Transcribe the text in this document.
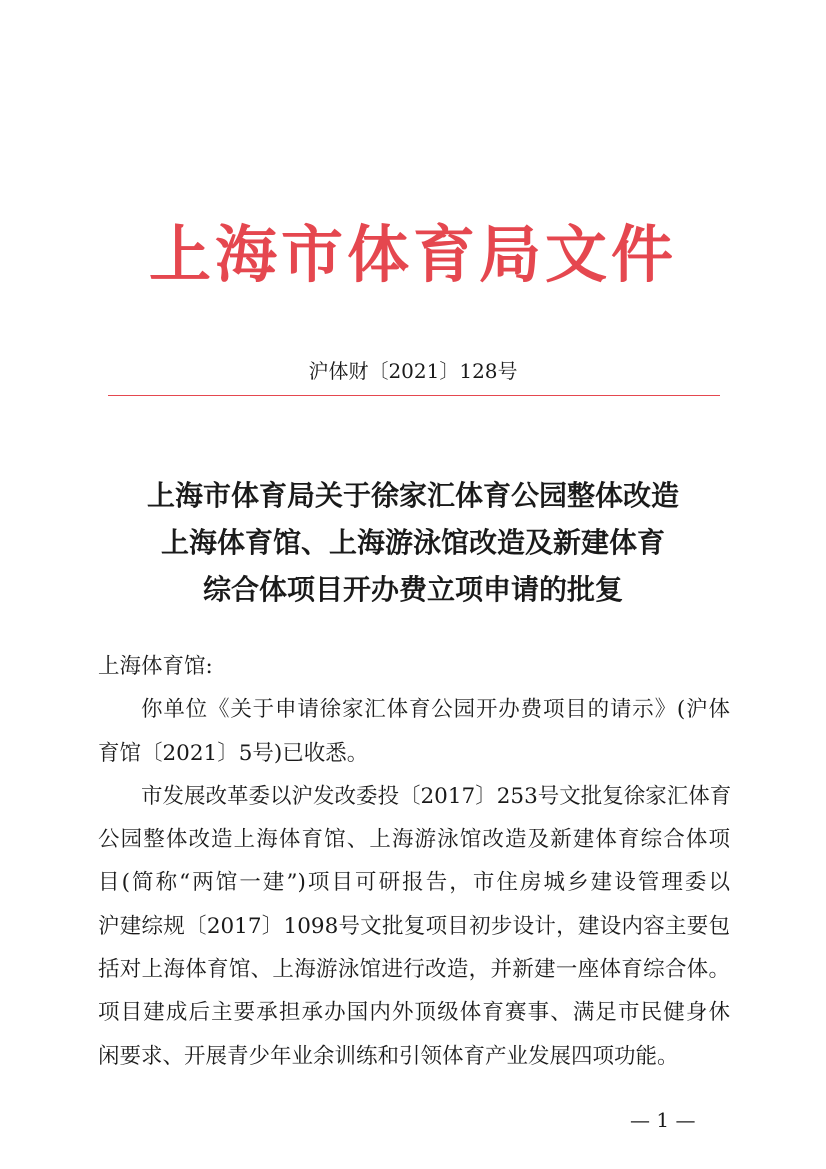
上海市体育局文件
沪体财〔2021〕128号
上海市体育局关于徐家汇体育公园整体改造
上海体育馆、上海游泳馆改造及新建体育
综合体项目开办费立项申请的批复
上海体育馆:
你单位《关于申请徐家汇体育公园开办费项目的请示》(沪体
育馆〔2021〕5号)已收悉。
市发展改革委以沪发改委投〔2017〕253号文批复徐家汇体育
公园整体改造上海体育馆、上海游泳馆改造及新建体育综合体项
目(简称“两馆一建”)项目可研报告，市住房城乡建设管理委以
沪建综规〔2017〕1098号文批复项目初步设计，建设内容主要包
括对上海体育馆、上海游泳馆进行改造，并新建一座体育综合体。
项目建成后主要承担承办国内外顶级体育赛事、满足市民健身休
闲要求、开展青少年业余训练和引领体育产业发展四项功能。
— 1 —
